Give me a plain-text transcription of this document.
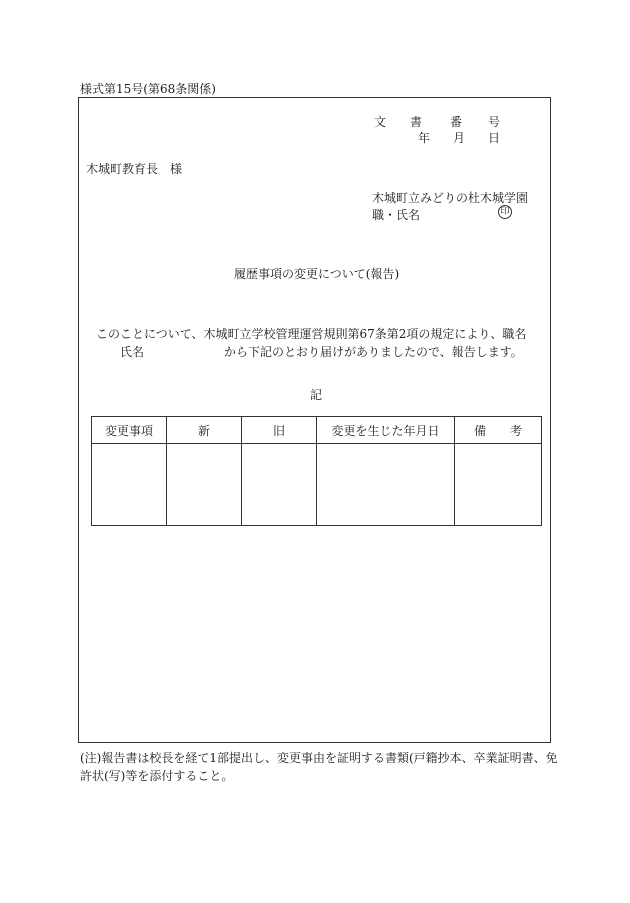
様式第15号(第68条関係)
文 書 番 号
年 月 日
木城町教育長　様
木城町立みどりの杜木城学園
職・氏名	印
履歴事項の変更について(報告)
このことについて、木城町立学校管理運営規則第67条第2項の規定により、職名
氏名	から下記のとおり届けがありましたので、報告します。
記
変更事項	新	旧	変更を生じた年月日	備　　考

(注)報告書は校長を経て1部提出し、変更事由を証明する書類(戸籍抄本、卒業証明書、免
許状(写)等を添付すること。
